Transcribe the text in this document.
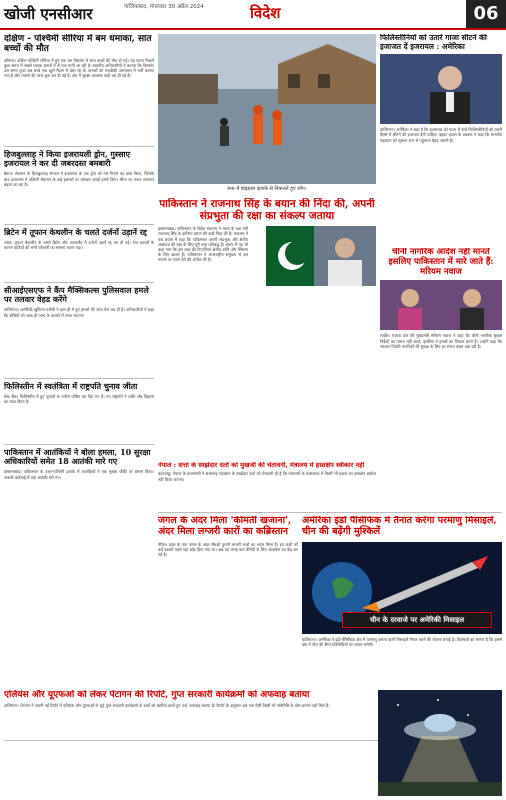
खोजी एनसीआर	गाजियाबाद, मंगलवार 30 अप्रैल 2024	विदेश	06
दक्षिण - पश्चिमी सीरिया में बम धमाका, सात बच्चों की मौत
दमिश्क। दक्षिण-पश्चिमी सीरिया में हुए एक बम विस्फोट में सात बच्चों की मौत हो गई। यह घटना पिछले कुछ समय में सबसे घातक हमलों में से एक मानी जा रही है। स्थानीय अधिकारियों ने बताया कि विस्फोट उस समय हुआ जब बच्चे एक खुले मैदान में खेल रहे थे। घायलों को नजदीकी अस्पताल में भर्ती कराया गया है और मामले की जांच शुरू कर दी गई है। क्षेत्र में सुरक्षा व्यवस्था कड़ी कर दी गई है।
हिजबुल्लाह ने किया इजरायली ड्रोन, गुस्साए इजरायल ने कर दी जबरदस्त बमबारी
बेरूत। लेबनान के हिजबुल्लाह संगठन ने इजरायल के एक ड्रोन को मार गिराने का दावा किया, जिसके बाद इजरायल ने दक्षिणी लेबनान के कई इलाकों पर जोरदार हवाई हमले किए। सीमा पर तनाव लगातार बढ़ता जा रहा है।
ब्रिटेन में तूफान केथलीन के चलते दर्जनों उड़ानें रद्द
लंदन। तूफान केथलीन के चलते ब्रिटेन और आयरलैंड में दर्जनों उड़ानें रद्द कर दी गईं। तेज हवाओं के कारण यात्रियों को भारी परेशानी का सामना करना पड़ा।
सीआईएसएफ ने कैंप मैक्सिकल्स पुलिसवाल हमले पर तलवार वेहड करेंगे
वाशिंगटन। अमेरिकी खुफिया एजेंसी ने हाल ही में हुए हमलों की जांच तेज कर दी है। अधिकारियों ने कहा कि दोषियों को जल्द ही न्याय के कटघरे में लाया जाएगा।
फिलिस्तीन में स्वतंत्रिता में राष्ट्रपति चुनाव जीता
वेस्ट बैंक। फिलिस्तीन में हुए चुनावों के नतीजे घोषित कर दिए गए हैं। नए राष्ट्रपति ने शांति और विकास का वादा किया है।
पाकिस्तान में आतंकियों ने बोला हमला, 10 सुरक्षा अधिकारियों समेत 18 आतंकी मारे गए
इस्लामाबाद। पाकिस्तान के उत्तर-पश्चिमी इलाके में आतंकियों ने एक सुरक्षा चौकी पर हमला किया। जवाबी कार्रवाई में कई आतंकी मारे गए।
रूस में बाढ़ग्रस्त इलाके से निकलते हुए लोग।
फिलिस्तीनियों को उतारे गाजा सीटने की इजाजत दें इजरायल : अमेरिका
वाशिंगटन। अमेरिका ने कहा है कि इजरायल को गाजा में फंसे फिलिस्तीनियों को उत्तरी हिस्से में लौटने की इजाजत देनी चाहिए। व्हाइट हाउस के प्रवक्ता ने कहा कि मानवीय सहायता को सुचारू रूप से पहुंचाना बेहद जरूरी है।
पाकिस्तान ने राजनाथ सिंह के बयान की निंदा की, अपनी संप्रभुता की रक्षा का संकल्प जताया
इस्लामाबाद। पाकिस्तान के विदेश मंत्रालय ने भारत के रक्षा मंत्री राजनाथ सिंह के हालिया बयान की कड़ी निंदा की है। मंत्रालय ने एक बयान में कहा कि पाकिस्तान अपनी संप्रभुता और क्षेत्रीय अखंडता की रक्षा के लिए पूरी तरह प्रतिबद्ध है। बयान में यह भी कहा गया कि इस तरह की टिप्पणियां क्षेत्रीय शांति और स्थिरता के लिए खतरा हैं। पाकिस्तान ने अंतरराष्ट्रीय समुदाय से इस मामले पर ध्यान देने की अपील की है।
चीनी नागरिक आदेश नहीं मानते इसलिए पाकिस्तान में मारे जाते हैं: मरियम नवाज
लाहौर। पंजाब प्रांत की मुख्यमंत्री मरियम नवाज ने कहा कि चीनी नागरिक सुरक्षा निर्देशों का पालन नहीं करते, इसलिए वे हमलों का शिकार बनते हैं। उन्होंने कहा कि सरकार विदेशी नागरिकों की सुरक्षा के लिए हर संभव कदम उठा रही है।
नेपाल : सत्ता के साझेदार दलों को मुखर्जी की चेतावनी, मंत्रालय में हस्तक्षेप स्वीकार नहीं
काठमांडू। नेपाल के प्रधानमंत्री ने सत्तारूढ़ गठबंधन के साझेदार दलों को चेतावनी दी है कि मंत्रालयों के कामकाज में किसी भी प्रकार का हस्तक्षेप बर्दाश्त नहीं किया जाएगा।
जंगल के अंदर मिला 'कीमती खजाना', अंदर मिला लग्जरी कारों का कब्रिस्तान
पेरिस। फ्रांस के एक जंगल के अंदर सैकड़ों पुरानी लग्जरी कारों का भंडार मिला है। इन कारों को कई दशकों पहले यहां छोड़ दिया गया था। अब यह जगह कार प्रेमियों के लिए आकर्षण का केंद्र बन गई है।
अमेरिका इंडो पैसिफिक में तैनात करेगा परमाणु मिसाइलें, चीन की बढ़ेंगी मुश्किलें
चीन के दरवाजे पर अमेरिकी मिसाइल
वाशिंगटन। अमेरिका ने इंडो-पैसिफिक क्षेत्र में परमाणु क्षमता वाली मिसाइलें तैनात करने की योजना बनाई है। विशेषज्ञों का मानना है कि इससे क्षेत्र में चीन की सैन्य गतिविधियों पर लगाम लगेगी।
एलियंस और यूएफओ को लेकर पेंटागन की रिपोर्ट, गुप्त सरकारी कार्यक्रमों को अफवाह बताया
वाशिंगटन। पेंटागन ने अपनी नई रिपोर्ट में एलियंस और यूएफओ से जुड़े गुप्त सरकारी कार्यक्रमों के दावों को खारिज करते हुए उन्हें अफवाह बताया है। रिपोर्ट के अनुसार अब तक ऐसी किसी भी गतिविधि के ठोस प्रमाण नहीं मिले हैं।
